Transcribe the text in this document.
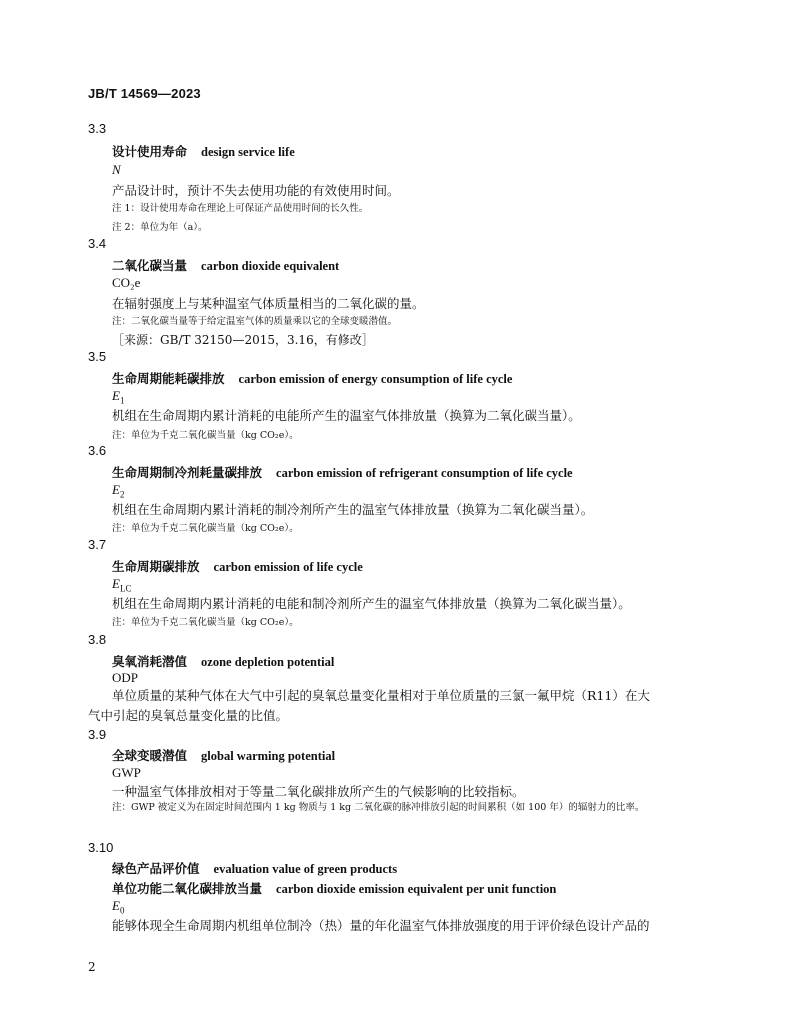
JB/T 14569—2023
3.3
设计使用寿命 design service life
N
产品设计时，预计不失去使用功能的有效使用时间。
注 1：设计使用寿命在理论上可保证产品使用时间的长久性。
注 2：单位为年（a）。
3.4
二氧化碳当量 carbon dioxide equivalent
CO₂e
在辐射强度上与某种温室气体质量相当的二氧化碳的量。
注：二氧化碳当量等于给定温室气体的质量乘以它的全球变暖潜值。
［来源：GB/T 32150—2015，3.16，有修改］
3.5
生命周期能耗碳排放 carbon emission of energy consumption of life cycle
$E_1$
机组在生命周期内累计消耗的电能所产生的温室气体排放量（换算为二氧化碳当量）。
注：单位为千克二氧化碳当量（kg CO₂e）。
3.6
生命周期制冷剂耗量碳排放 carbon emission of refrigerant consumption of life cycle
$E_2$
机组在生命周期内累计消耗的制冷剂所产生的温室气体排放量（换算为二氧化碳当量）。
注：单位为千克二氧化碳当量（kg CO₂e）。
3.7
生命周期碳排放 carbon emission of life cycle
$E_{LC}$
机组在生命周期内累计消耗的电能和制冷剂所产生的温室气体排放量（换算为二氧化碳当量）。
注：单位为千克二氧化碳当量（kg CO₂e）。
3.8
臭氧消耗潜值 ozone depletion potential
ODP
单位质量的某种气体在大气中引起的臭氧总量变化量相对于单位质量的三氯一氟甲烷（R11）在大气中引起的臭氧总量变化量的比值。
3.9
全球变暖潜值 global warming potential
GWP
一种温室气体排放相对于等量二氧化碳排放所产生的气候影响的比较指标。
注：GWP 被定义为在固定时间范围内 1 kg 物质与 1 kg 二氧化碳的脉冲排放引起的时间累积（如 100 年）的辐射力的比率。
3.10
绿色产品评价值 evaluation value of green products
单位功能二氧化碳排放当量 carbon dioxide emission equivalent per unit function
$E_0$
能够体现全生命周期内机组单位制冷（热）量的年化温室气体排放强度的用于评价绿色设计产品的
2
